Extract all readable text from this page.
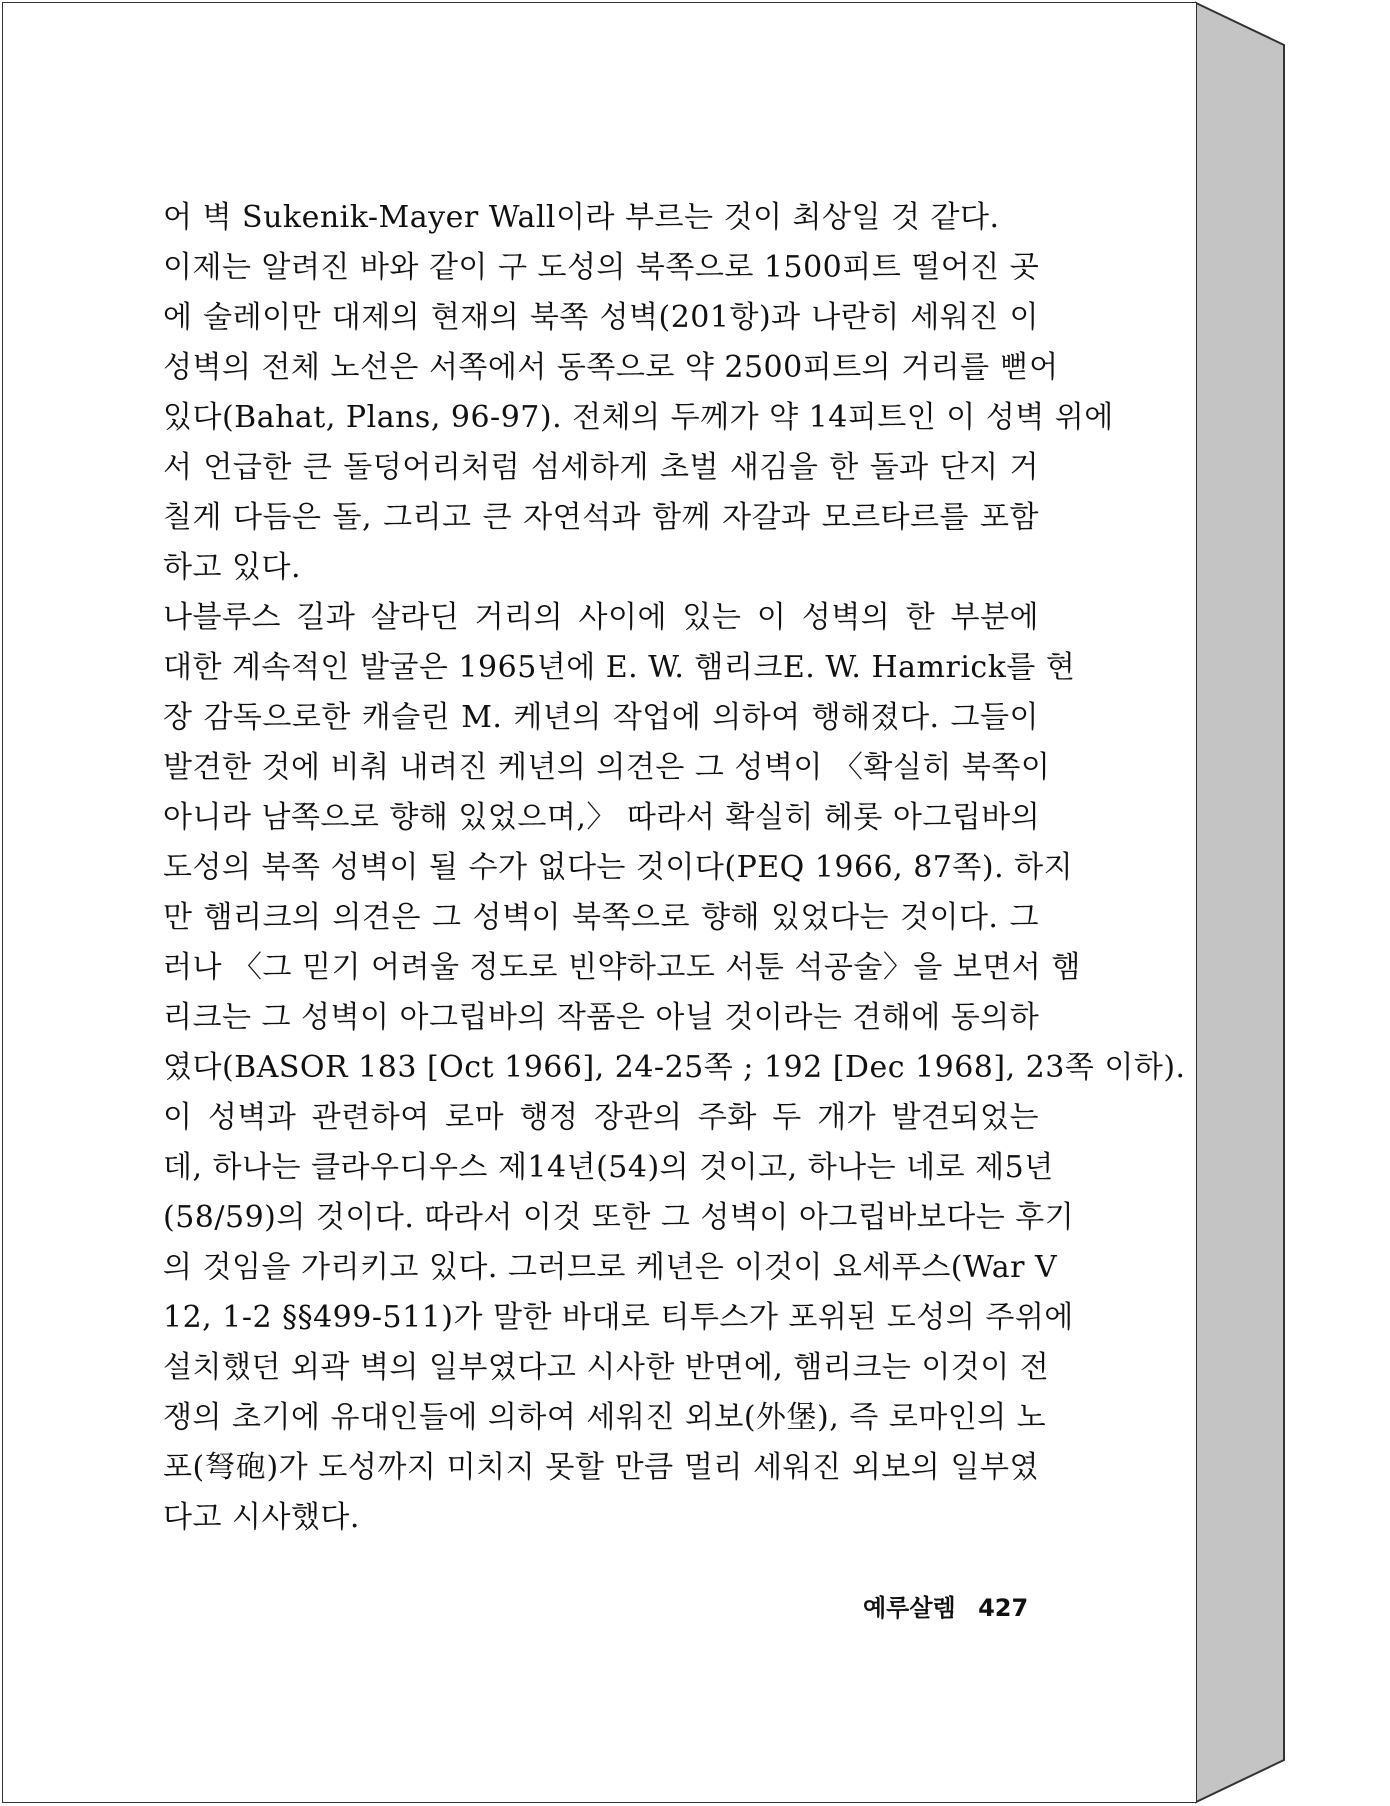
어 벽 Sukenik-Mayer Wall이라 부르는 것이 최상일 것 같다.
이제는 알려진 바와 같이 구 도성의 북쪽으로 1500피트 떨어진 곳
에 술레이만 대제의 현재의 북쪽 성벽(201항)과 나란히 세워진 이
성벽의 전체 노선은 서쪽에서 동쪽으로 약 2500피트의 거리를 뻗어
있다(Bahat, Plans, 96-97). 전체의 두께가 약 14피트인 이 성벽 위에
서 언급한 큰 돌덩어리처럼 섬세하게 초벌 새김을 한 돌과 단지 거
칠게 다듬은 돌, 그리고 큰 자연석과 함께 자갈과 모르타르를 포함
하고 있다.
나블루스 길과 살라딘 거리의 사이에 있는 이 성벽의 한 부분에
대한 계속적인 발굴은 1965년에 E. W. 햄리크E. W. Hamrick를 현
장 감독으로한 캐슬린 M. 케년의 작업에 의하여 행해졌다. 그들이
발견한 것에 비춰 내려진 케년의 의견은 그 성벽이 〈확실히 북쪽이
아니라 남쪽으로 향해 있었으며,〉 따라서 확실히 헤롯 아그립바의
도성의 북쪽 성벽이 될 수가 없다는 것이다(PEQ 1966, 87쪽). 하지
만 햄리크의 의견은 그 성벽이 북쪽으로 향해 있었다는 것이다. 그
러나 〈그 믿기 어려울 정도로 빈약하고도 서툰 석공술〉을 보면서 햄
리크는 그 성벽이 아그립바의 작품은 아닐 것이라는 견해에 동의하
였다(BASOR 183 [Oct 1966], 24-25쪽 ; 192 [Dec 1968], 23쪽 이하).
이 성벽과 관련하여 로마 행정 장관의 주화 두 개가 발견되었는
데, 하나는 클라우디우스 제14년(54)의 것이고, 하나는 네로 제5년
(58/59)의 것이다. 따라서 이것 또한 그 성벽이 아그립바보다는 후기
의 것임을 가리키고 있다. 그러므로 케년은 이것이 요세푸스(War V
12, 1-2 §§499-511)가 말한 바대로 티투스가 포위된 도성의 주위에
설치했던 외곽 벽의 일부였다고 시사한 반면에, 햄리크는 이것이 전
쟁의 초기에 유대인들에 의하여 세워진 외보(外堡), 즉 로마인의 노
포(弩砲)가 도성까지 미치지 못할 만큼 멀리 세워진 외보의 일부였
다고 시사했다.
예루살렘 427
